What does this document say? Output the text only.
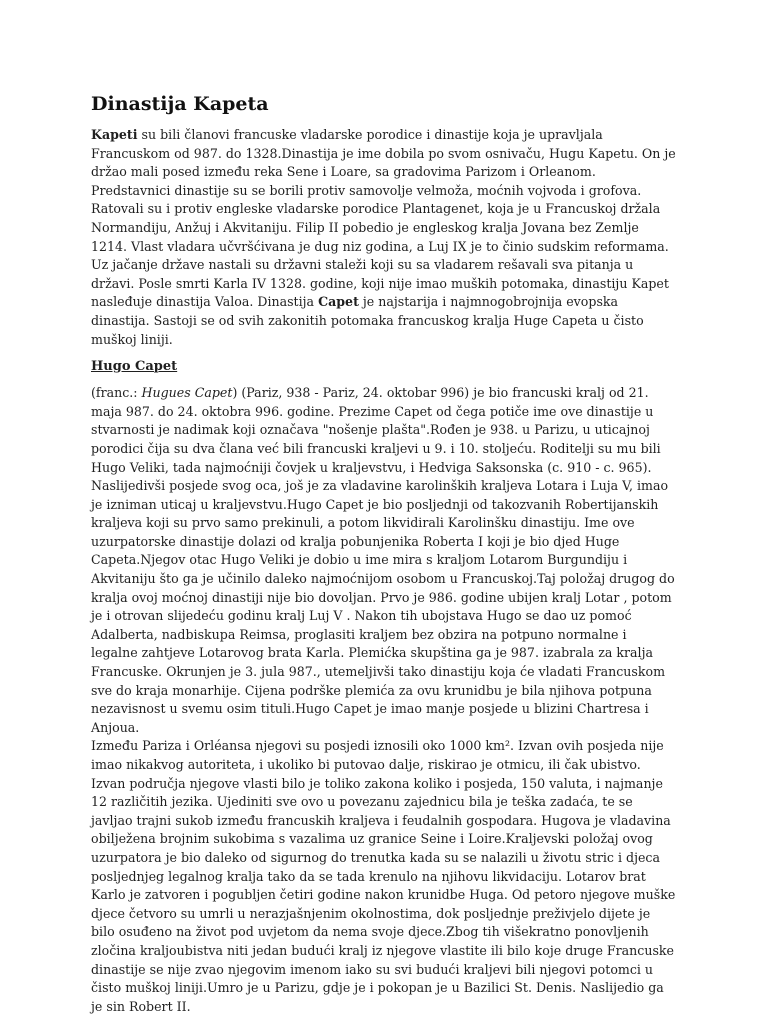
Dinastija Kapeta

Kapeti su bili članovi francuske vladarske porodice i dinastije koja je upravljala Francuskom od 987. do 1328.Dinastija je ime dobila po svom osnivaču, Hugu Kapetu. On je držao mali posed između reka Sene i Loare, sa gradovima Parizom i Orleanom. Predstavnici dinastije su se borili protiv samovolje velmoža, moćnih vojvoda i grofova. Ratovali su i protiv engleske vladarske porodice Plantagenet, koja je u Francuskoj držala Normandiju, Anžuj i Akvitaniju. Filip II pobedio je engleskog kralja Jovana bez Zemlje 1214. Vlast vladara učvršćivana je dug niz godina, a Luj IX je to činio sudskim reformama. Uz jačanje države nastali su državni staleži koji su sa vladarem rešavali sva pitanja u državi. Posle smrti Karla IV 1328. godine, koji nije imao muških potomaka, dinastiju Kapet nasleđuje dinastija Valoa. Dinastija Capet je najstarija i najmnogobrojnija evopska dinastija. Sastoji se od svih zakonitih potomaka francuskog kralja Huge Capeta u čisto muškoj liniji.

Hugo Capet

(franc.: Hugues Capet) (Pariz, 938 - Pariz, 24. oktobar 996) je bio francuski kralj od 21. maja 987. do 24. oktobra 996. godine. Prezime Capet od čega potiče ime ove dinastije u stvarnosti je nadimak koji označava "nošenje plašta".Rođen je 938. u Parizu, u uticajnoj porodici čija su dva člana već bili francuski kraljevi u 9. i 10. stoljeću. Roditelji su mu bili Hugo Veliki, tada najmoćniji čovjek u kraljevstvu, i Hedviga Saksonska (c. 910 - c. 965). Naslijedivši posjede svog oca, još je za vladavine karolinških kraljeva Lotara i Luja V, imao je izniman uticaj u kraljevstvu.Hugo Capet je bio posljednji od takozvanih Robertijanskih kraljeva koji su prvo samo prekinuli, a potom likvidirali Karolinšku dinastiju. Ime ove uzurpatorske dinastije dolazi od kralja pobunjenika Roberta I koji je bio djed Huge Capeta.Njegov otac Hugo Veliki je dobio u ime mira s kraljom Lotarom Burgundiju i Akvitaniju što ga je učinilo daleko najmoćnijom osobom u Francuskoj.Taj položaj drugog do kralja ovoj moćnoj dinastiji nije bio dovoljan. Prvo je 986. godine ubijen kralj Lotar , potom je i otrovan slijedeću godinu kralj Luj V . Nakon tih ubojstava Hugo se dao uz pomoć Adalberta, nadbiskupa Reimsa, proglasiti kraljem bez obzira na potpuno normalne i legalne zahtjeve Lotarovog brata Karla. Plemićka skupština ga je 987. izabrala za kralja Francuske. Okrunjen je 3. jula 987., utemeljivši tako dinastiju koja će vladati Francuskom sve do kraja monarhije. Cijena podrške plemića za ovu krunidbu je bila njihova potpuna nezavisnost u svemu osim tituli.Hugo Capet je imao manje posjede u blizini Chartresa i Anjoua.

Između Pariza i Orléansa njegovi su posjedi iznosili oko 1000 km². Izvan ovih posjeda nije imao nikakvog autoriteta, i ukoliko bi putovao dalje, riskirao je otmicu, ili čak ubistvo. Izvan područja njegove vlasti bilo je toliko zakona koliko i posjeda, 150 valuta, i najmanje 12 različitih jezika. Ujediniti sve ovo u povezanu zajednicu bila je teška zadaća, te se javljao trajni sukob između francuskih kraljeva i feudalnih gospodara. Hugova je vladavina obilježena brojnim sukobima s vazalima uz granice Seine i Loire.Kraljevski položaj ovog uzurpatora je bio daleko od sigurnog do trenutka kada su se nalazili u životu stric i djeca posljednjeg legalnog kralja tako da se tada krenulo na njihovu likvidaciju. Lotarov brat Karlo je zatvoren i pogubljen četiri godine nakon krunidbe Huga. Od petoro njegove muške djece četvoro su umrli u nerazjašnjenim okolnostima, dok posljednje preživjelo dijete je bilo osuđeno na život pod uvjetom da nema svoje djece.Zbog tih višekratno ponovljenih zločina kraljoubistva niti jedan budući kralj iz njegove vlastite ili bilo koje druge Francuske dinastije se nije zvao njegovim imenom iako su svi budući kraljevi bili njegovi potomci u čisto muškoj liniji.Umro je u Parizu, gdje je i pokopan je u Bazilici St. Denis. Naslijedio ga je sin Robert II.
